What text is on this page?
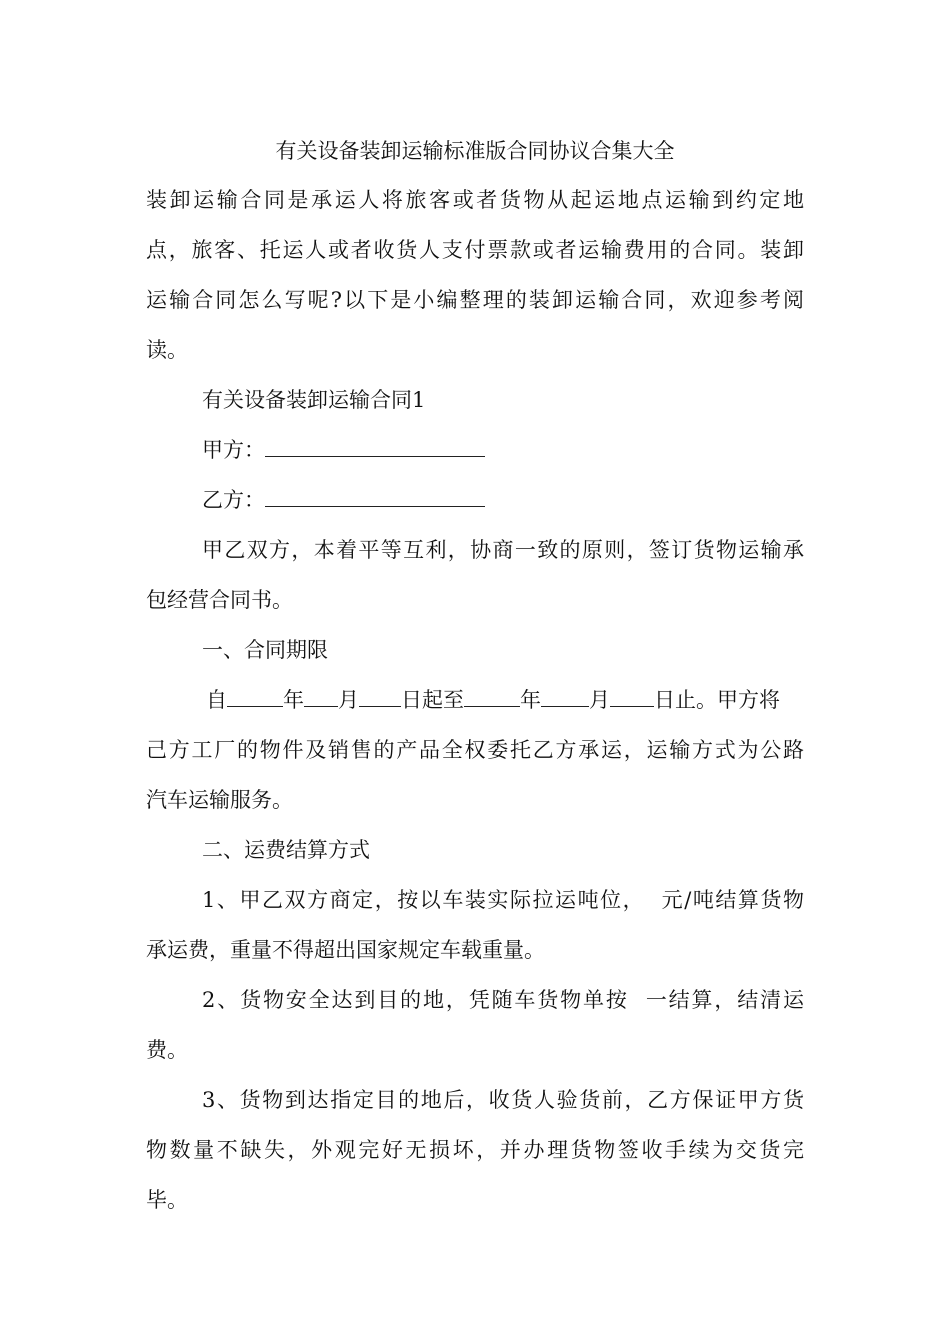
有关设备装卸运输标准版合同协议合集大全
装卸运输合同是承运人将旅客或者货物从起运地点运输到约定地
点，旅客、托运人或者收货人支付票款或者运输费用的合同。装卸
运输合同怎么写呢?以下是小编整理的装卸运输合同，欢迎参考阅
读。
有关设备装卸运输合同1
甲方：
乙方：
甲乙双方，本着平等互利，协商一致的原则，签订货物运输承
包经营合同书。
一、合同期限
自	年 月 日起至	年 月 日止。甲方将
己方工厂的物件及销售的产品全权委托乙方承运，运输方式为公路
汽车运输服务。
二、运费结算方式
1、甲乙双方商定，按以车装实际拉运吨位，  元/吨结算货物
承运费，重量不得超出国家规定车载重量。
2、货物安全达到目的地，凭随车货物单按  一结算，结清运
费。
3、货物到达指定目的地后，收货人验货前，乙方保证甲方货
物数量不缺失，外观完好无损坏，并办理货物签收手续为交货完
毕。
